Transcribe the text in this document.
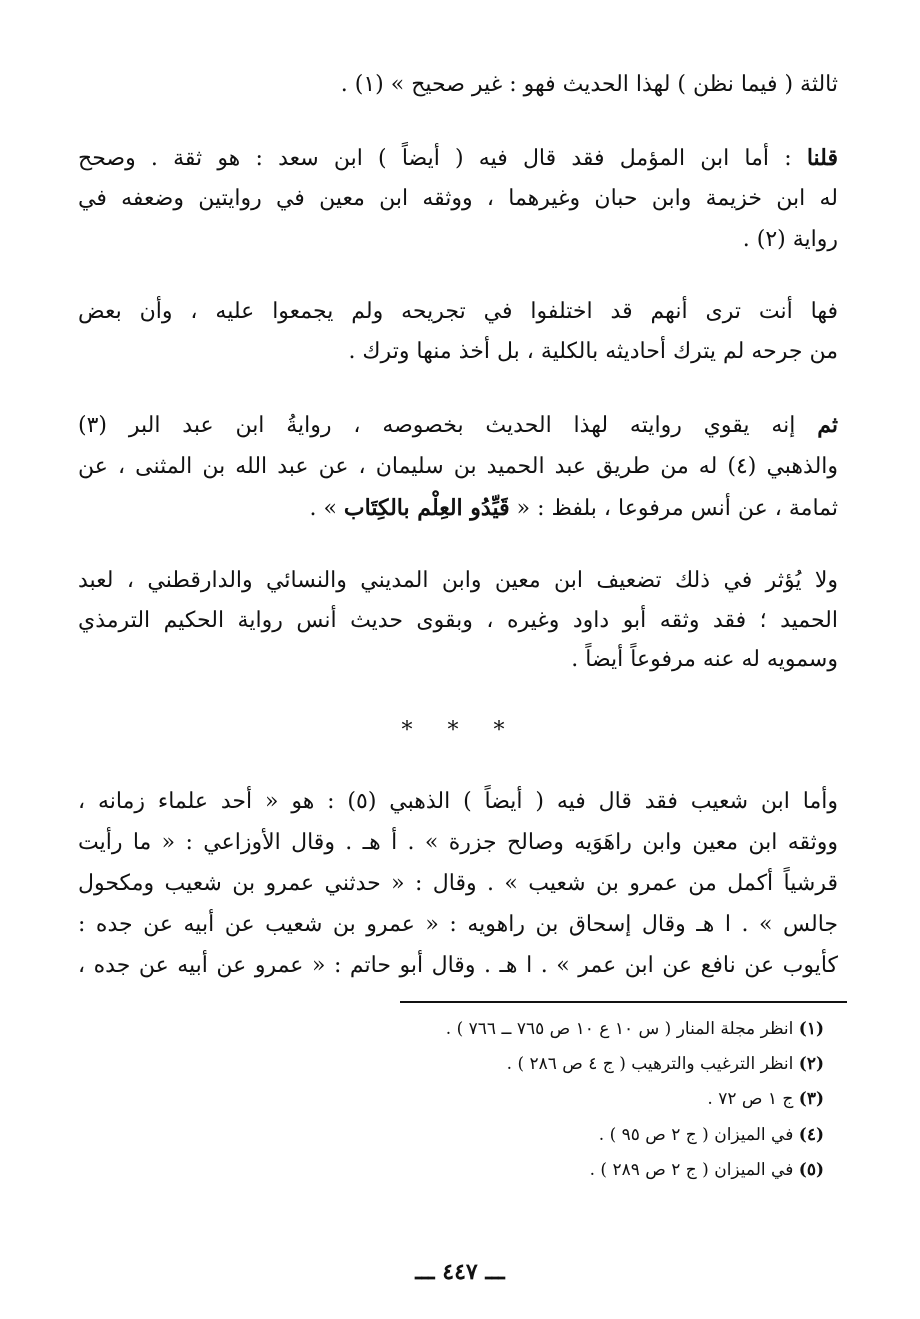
ثالثة ( فيما نظن ) لهذا الحديث فهو : غير صحيح » (١) .
قلنا : أما ابن المؤمل فقد قال فيه ( أيضاً ) ابن سعد : هو ثقة . وصحح
له ابن خزيمة وابن حبان وغيرهما ، ووثقه ابن معين في روايتين وضعفه في
رواية (٢) .
فها أنت ترى أنهم قد اختلفوا في تجريحه ولم يجمعوا عليه ، وأن بعض
من جرحه لم يترك أحاديثه بالكلية ، بل أخذ منها وترك .
ثم إنه يقوي روايته لهذا الحديث بخصوصه ، روايةُ ابن عبد البر (٣)
والذهبي (٤) له من طريق عبد الحميد بن سليمان ، عن عبد الله بن المثنى ، عن
ثمامة ، عن أنس مرفوعا ، بلفظ : « قَيِّدُو العِلْم بالكِتَاب » .
ولا يُؤثر في ذلك تضعيف ابن معين وابن المديني والنسائي والدارقطني ، لعبد
الحميد ؛ فقد وثقه أبو داود وغيره ، وبقوى حديث أنس رواية الحكيم الترمذي
وسمويه له عنه مرفوعاً أيضاً .
* * *
وأما ابن شعيب فقد قال فيه ( أيضاً ) الذهبي (٥) : هو « أحد علماء زمانه ،
ووثقه ابن معين وابن راهَوَيه وصالح جزرة » . أ هـ . وقال الأوزاعي : « ما رأيت
قرشياً أكمل من عمرو بن شعيب » . وقال : « حدثني عمرو بن شعيب ومكحول
جالس » . ا هـ وقال إسحاق بن راهويه : « عمرو بن شعيب عن أبيه عن جده :
كأيوب عن نافع عن ابن عمر » . ا هـ . وقال أبو حاتم : « عمرو عن أبيه عن جده ،
(١) انظر مجلة المنار ( س ١٠ ع ١٠ ص ٧٦٥ ــ ٧٦٦ ) .
(٢) انظر الترغيب والترهيب ( ج ٤ ص ٢٨٦ ) .
(٣) ج ١ ص ٧٢ .
(٤) في الميزان ( ج ٢ ص ٩٥ ) .
(٥) في الميزان ( ج ٢ ص ٢٨٩ ) .
ـــ ٤٤٧ ـــ
